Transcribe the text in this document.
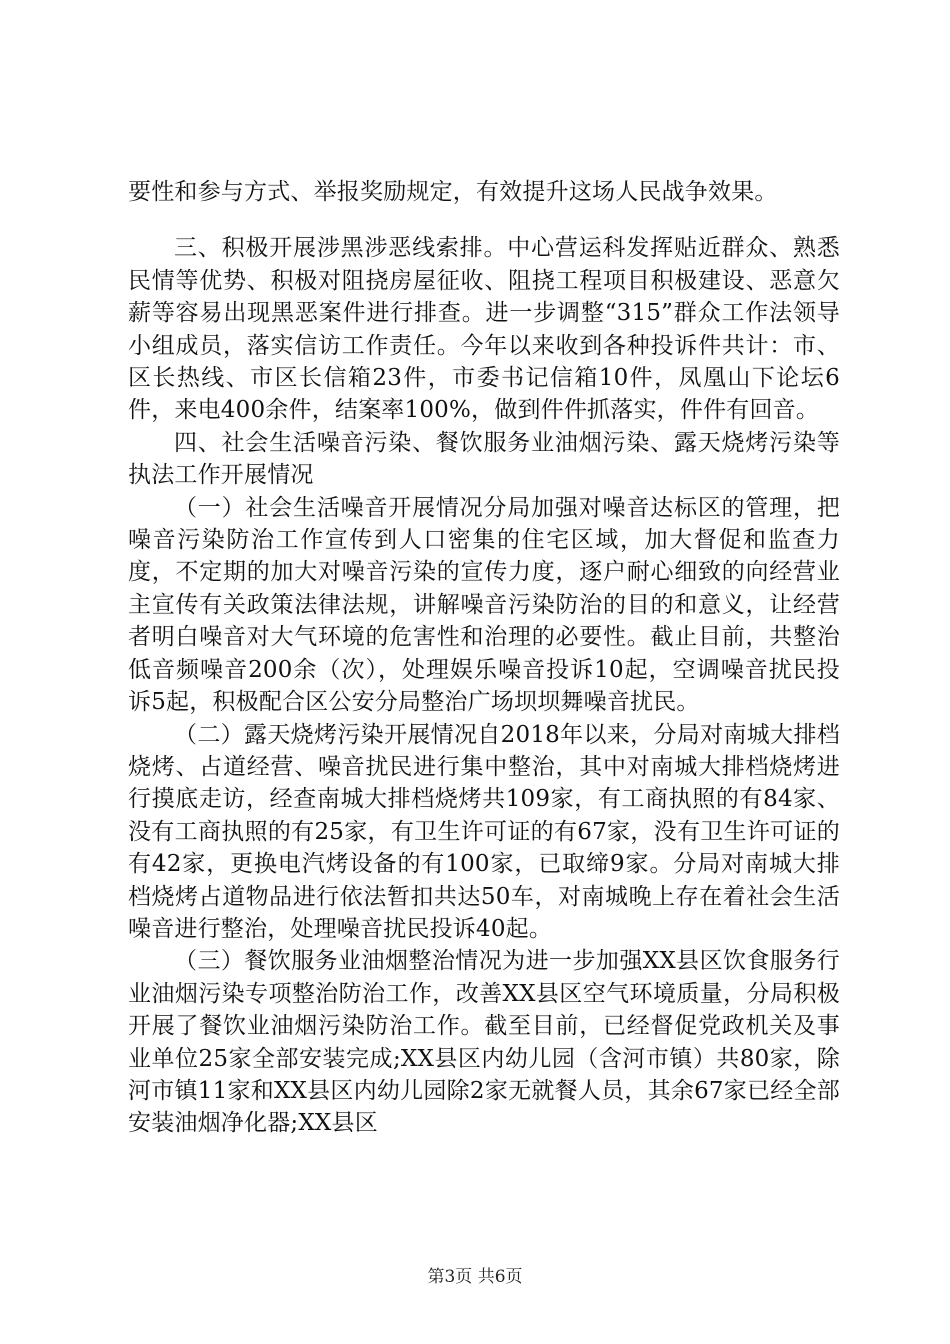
要性和参与方式、举报奖励规定，有效提升这场人民战争效果。

三、积极开展涉黑涉恶线索排。中心营运科发挥贴近群众、熟悉民情等优势、积极对阻挠房屋征收、阻挠工程项目积极建设、恶意欠薪等容易出现黑恶案件进行排查。进一步调整“315”群众工作法领导小组成员，落实信访工作责任。今年以来收到各种投诉件共计：市、区长热线、市区长信箱23件，市委书记信箱10件，凤凰山下论坛6件，来电400余件，结案率100%，做到件件抓落实，件件有回音。

四、社会生活噪音污染、餐饮服务业油烟污染、露天烧烤污染等执法工作开展情况

（一）社会生活噪音开展情况分局加强对噪音达标区的管理，把噪音污染防治工作宣传到人口密集的住宅区域，加大督促和监查力度，不定期的加大对噪音污染的宣传力度，逐户耐心细致的向经营业主宣传有关政策法律法规，讲解噪音污染防治的目的和意义，让经营者明白噪音对大气环境的危害性和治理的必要性。截止目前，共整治低音频噪音200余（次），处理娱乐噪音投诉10起，空调噪音扰民投诉5起，积极配合区公安分局整治广场坝坝舞噪音扰民。

（二）露天烧烤污染开展情况自2018年以来，分局对南城大排档烧烤、占道经营、噪音扰民进行集中整治，其中对南城大排档烧烤进行摸底走访，经查南城大排档烧烤共109家，有工商执照的有84家、没有工商执照的有25家，有卫生许可证的有67家，没有卫生许可证的有42家，更换电汽烤设备的有100家，已取缔9家。分局对南城大排档烧烤占道物品进行依法暂扣共达50车，对南城晚上存在着社会生活噪音进行整治，处理噪音扰民投诉40起。

（三）餐饮服务业油烟整治情况为进一步加强XX县区饮食服务行业油烟污染专项整治防治工作，改善XX县区空气环境质量，分局积极开展了餐饮业油烟污染防治工作。截至目前，已经督促党政机关及事业单位25家全部安装完成;XX县区内幼儿园（含河市镇）共80家，除河市镇11家和XX县区内幼儿园除2家无就餐人员，其余67家已经全部安装油烟净化器;XX县区

第3页 共6页
